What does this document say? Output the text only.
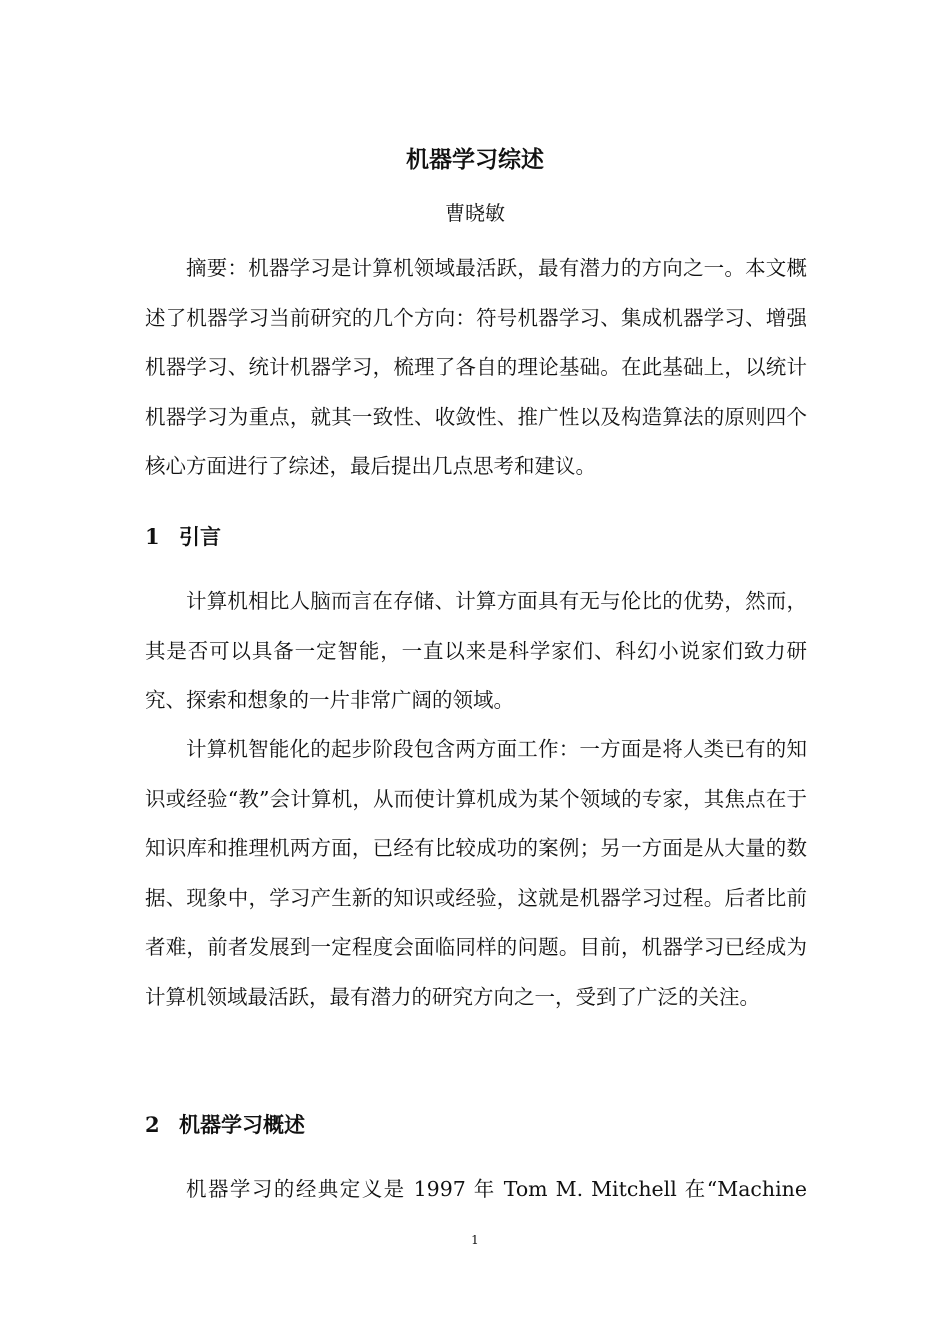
机器学习综述
曹晓敏

摘要：机器学习是计算机领域最活跃，最有潜力的方向之一。本文概述了机器学习当前研究的几个方向：符号机器学习、集成机器学习、增强机器学习、统计机器学习，梳理了各自的理论基础。在此基础上，以统计机器学习为重点，就其一致性、收敛性、推广性以及构造算法的原则四个核心方面进行了综述，最后提出几点思考和建议。

1 引言

计算机相比人脑而言在存储、计算方面具有无与伦比的优势，然而，其是否可以具备一定智能，一直以来是科学家们、科幻小说家们致力研究、探索和想象的一片非常广阔的领域。

计算机智能化的起步阶段包含两方面工作：一方面是将人类已有的知识或经验“教”会计算机，从而使计算机成为某个领域的专家，其焦点在于知识库和推理机两方面，已经有比较成功的案例；另一方面是从大量的数据、现象中，学习产生新的知识或经验，这就是机器学习过程。后者比前者难，前者发展到一定程度会面临同样的问题。目前，机器学习已经成为计算机领域最活跃，最有潜力的研究方向之一，受到了广泛的关注。

2 机器学习概述

机器学习的经典定义是 1997 年 Tom M. Mitchell 在“Machine

1
